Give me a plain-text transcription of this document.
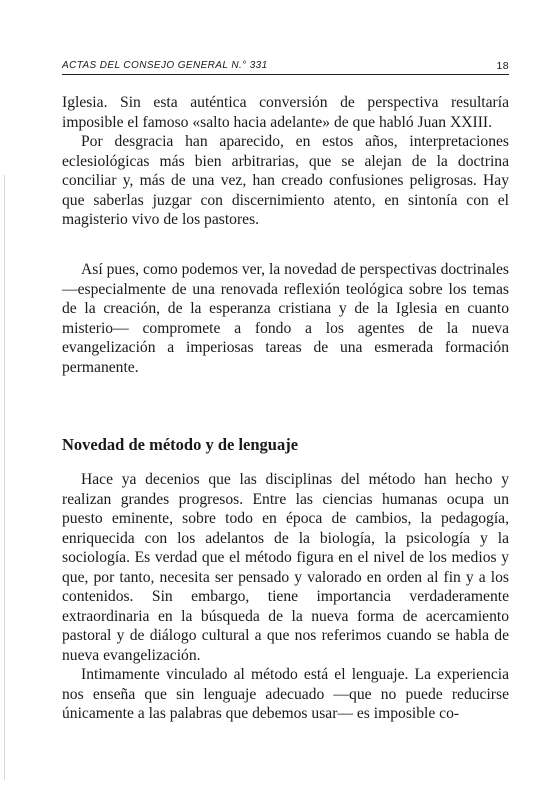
ACTAS DEL CONSEJO GENERAL N.° 331	18

Iglesia. Sin esta auténtica conversión de perspectiva resultaría imposible el famoso «salto hacia adelante» de que habló Juan XXIII.

Por desgracia han aparecido, en estos años, interpretaciones eclesiológicas más bien arbitrarias, que se alejan de la doctrina conciliar y, más de una vez, han creado confusiones peligrosas. Hay que saberlas juzgar con discernimiento atento, en sintonía con el magisterio vivo de los pastores.

Así pues, como podemos ver, la novedad de perspectivas doctrinales —especialmente de una renovada reflexión teológica sobre los temas de la creación, de la esperanza cristiana y de la Iglesia en cuanto misterio— compromete a fondo a los agentes de la nueva evangelización a imperiosas tareas de una esmerada formación permanente.

Novedad de método y de lenguaje

Hace ya decenios que las disciplinas del método han hecho y realizan grandes progresos. Entre las ciencias humanas ocupa un puesto eminente, sobre todo en época de cambios, la pedagogía, enriquecida con los adelantos de la biología, la psicología y la sociología. Es verdad que el método figura en el nivel de los medios y que, por tanto, necesita ser pensado y valorado en orden al fin y a los contenidos. Sin embargo, tiene importancia verdaderamente extraordinaria en la búsqueda de la nueva forma de acercamiento pastoral y de diálogo cultural a que nos referimos cuando se habla de nueva evangelización.

Intimamente vinculado al método está el lenguaje. La experiencia nos enseña que sin lenguaje adecuado —que no puede reducirse únicamente a las palabras que debemos usar— es imposible co-
